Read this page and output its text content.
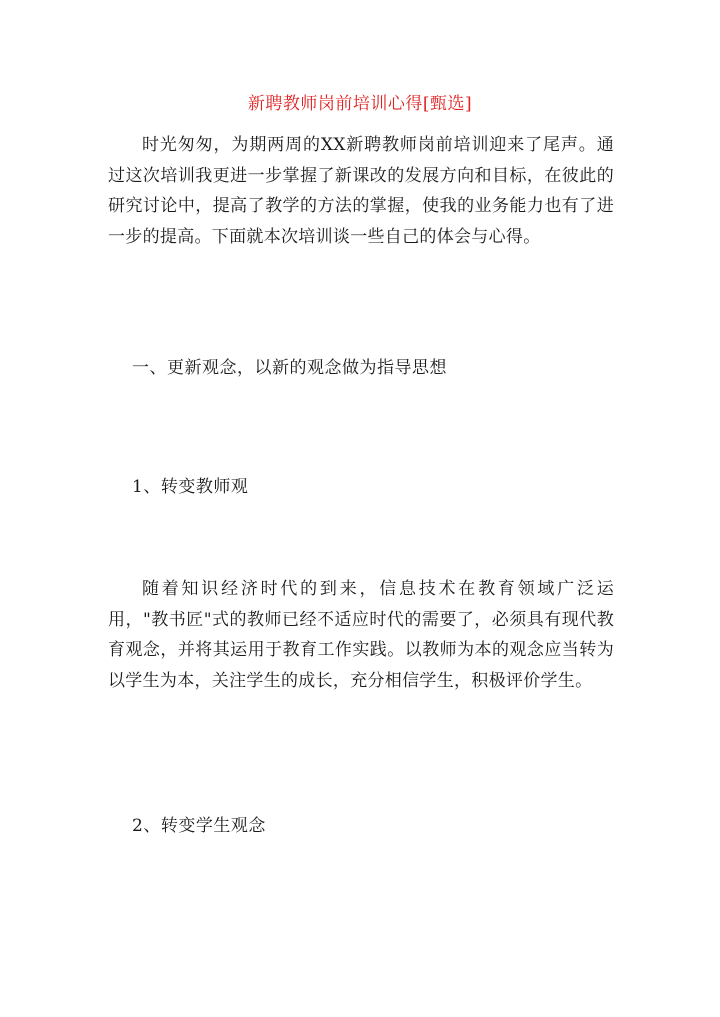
新聘教师岗前培训心得[甄选]
时光匆匆，为期两周的XX新聘教师岗前培训迎来了尾声。通过这次培训我更进一步掌握了新课改的发展方向和目标，在彼此的研究讨论中，提高了教学的方法的掌握，使我的业务能力也有了进一步的提高。下面就本次培训谈一些自己的体会与心得。
一、更新观念，以新的观念做为指导思想
1、转变教师观
随着知识经济时代的到来，信息技术在教育领域广泛运用，"教书匠"式的教师已经不适应时代的需要了，必须具有现代教育观念，并将其运用于教育工作实践。以教师为本的观念应当转为以学生为本，关注学生的成长，充分相信学生，积极评价学生。
2、转变学生观念
